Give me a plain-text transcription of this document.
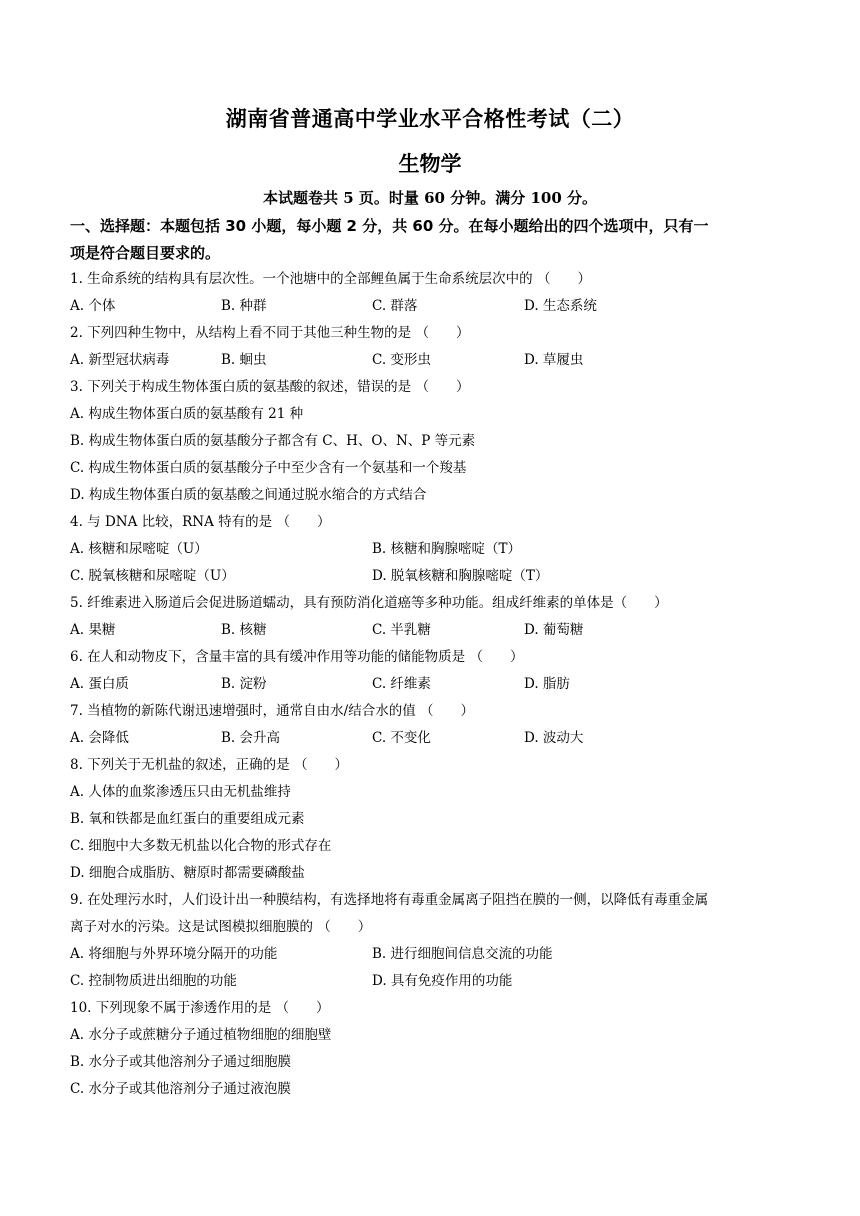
湖南省普通高中学业水平合格性考试（二）
生物学
本试题卷共 5 页。时量 60 分钟。满分 100 分。
一、选择题：本题包括 30 小题，每小题 2 分，共 60 分。在每小题给出的四个选项中，只有一
项是符合题目要求的。
1. 生命系统的结构具有层次性。一个池塘中的全部鲤鱼属于生命系统层次中的 （　　）
A. 个体	B. 种群	C. 群落	D. 生态系统
2. 下列四种生物中，从结构上看不同于其他三种生物的是 （　　）
A. 新型冠状病毒	B. 蛔虫	C. 变形虫	D. 草履虫
3. 下列关于构成生物体蛋白质的氨基酸的叙述，错误的是 （　　）
A. 构成生物体蛋白质的氨基酸有 21 种
B. 构成生物体蛋白质的氨基酸分子都含有 C、H、O、N、P 等元素
C. 构成生物体蛋白质的氨基酸分子中至少含有一个氨基和一个羧基
D. 构成生物体蛋白质的氨基酸之间通过脱水缩合的方式结合
4. 与 DNA 比较，RNA 特有的是 （　　）
A. 核糖和尿嘧啶（U）	B. 核糖和胸腺嘧啶（T）
C. 脱氧核糖和尿嘧啶（U）	D. 脱氧核糖和胸腺嘧啶（T）
5. 纤维素进入肠道后会促进肠道蠕动，具有预防消化道癌等多种功能。组成纤维素的单体是（　　）
A. 果糖	B. 核糖	C. 半乳糖	D. 葡萄糖
6. 在人和动物皮下，含量丰富的具有缓冲作用等功能的储能物质是 （　　）
A. 蛋白质	B. 淀粉	C. 纤维素	D. 脂肪
7. 当植物的新陈代谢迅速增强时，通常自由水/结合水的值 （　　）
A. 会降低	B. 会升高	C. 不变化	D. 波动大
8. 下列关于无机盐的叙述，正确的是 （　　）
A. 人体的血浆渗透压只由无机盐维持
B. 氧和铁都是血红蛋白的重要组成元素
C. 细胞中大多数无机盐以化合物的形式存在
D. 细胞合成脂肪、糖原时都需要磷酸盐
9. 在处理污水时，人们设计出一种膜结构，有选择地将有毒重金属离子阻挡在膜的一侧，以降低有毒重金属
离子对水的污染。这是试图模拟细胞膜的 （　　）
A. 将细胞与外界环境分隔开的功能	B. 进行细胞间信息交流的功能
C. 控制物质进出细胞的功能	D. 具有免疫作用的功能
10. 下列现象不属于渗透作用的是 （　　）
A. 水分子或蔗糖分子通过植物细胞的细胞壁
B. 水分子或其他溶剂分子通过细胞膜
C. 水分子或其他溶剂分子通过液泡膜
